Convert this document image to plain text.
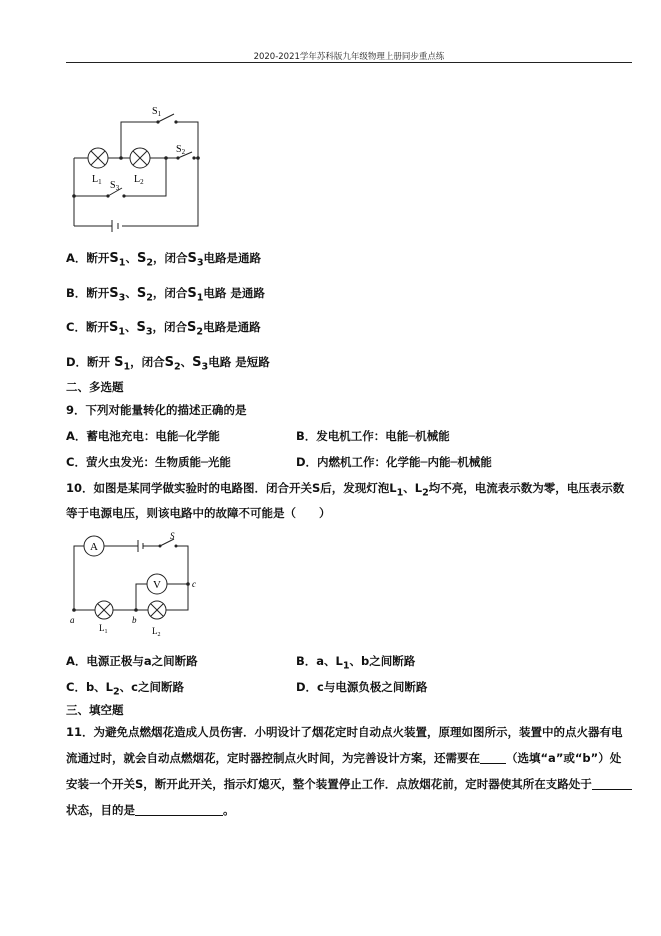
2020-2021学年苏科版九年级物理上册同步重点练
$S_1$
$S_2$
$S_3$
$L_1$	$L_2$
A．断开$S_1$、$S_2$，闭合$S_3$电路是通路
B．断开$S_3$、$S_2$，闭合$S_1$电路 是通路
C．断开$S_1$、$S_3$，闭合$S_2$电路是通路
D．断开 $S_1$，闭合$S_2$、$S_3$电路 是短路
二、多选题
9．下列对能量转化的描述正确的是
A．蓄电池充电：电能─化学能	B．发电机工作：电能─机械能
C．萤火虫发光：生物质能─光能	D．内燃机工作：化学能─内能─机械能
10．如图是某同学做实验时的电路图．闭合开关S后，发现灯泡$L_1$、$L_2$均不亮，电流表示数为零，电压表示数
等于电源电压，则该电路中的故障不可能是（　　）
A
V
S
a	b
c
$L_1$	$L_2$
A．电源正极与a之间断路	B．a、$L_1$、b之间断路
C．b、$L_2$、c之间断路	D．c与电源负极之间断路
三、填空题
11．为避免点燃烟花造成人员伤害．小明设计了烟花定时自动点火装置，原理如图所示，装置中的点火器有电
流通过时，就会自动点燃烟花，定时器控制点火时间，为完善设计方案，还需要在 （选填“a”或“b”）处
安装一个开关S，断开此开关，指示灯熄灭，整个装置停止工作．点放烟花前，定时器使其所在支路处于
状态，目的是	。
